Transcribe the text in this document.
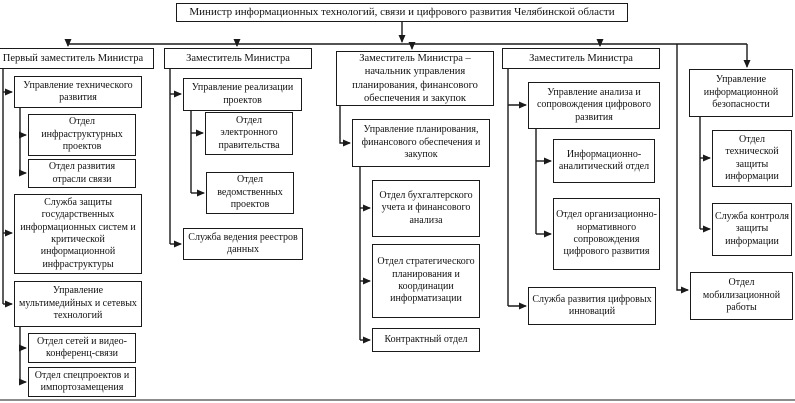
Министр информационных технологий, связи и цифрового развития Челябинской области
Первый заместитель Министра
Управление технического развития
Отдел инфраструктурных проектов
Отдел развития отрасли связи
Служба защиты государственных информационных систем и критической информационной инфраструктуры
Управление мультимедийных и сетевых технологий
Отдел сетей и видео-конференц-связи
Отдел спецпроектов и импортозамещения
Заместитель Министра
Управление реализации проектов
Отдел электронного правительства
Отдел ведомственных проектов
Служба ведения реестров данных
Заместитель Министра – начальник управления планирования, финансового обеспечения и закупок
Управление планирования, финансового обеспечения и закупок
Отдел бухгалтерского учета и финансового анализа
Отдел стратегического планирования и координации информатизации
Контрактный отдел
Заместитель Министра
Управление анализа и сопровождения цифрового развития
Информационно-аналитический отдел
Отдел организационно-нормативного сопровождения цифрового развития
Служба развития цифровых инноваций
Управление информационной безопасности
Отдел технической защиты информации
Служба контроля защиты информации
Отдел мобилизационной работы
